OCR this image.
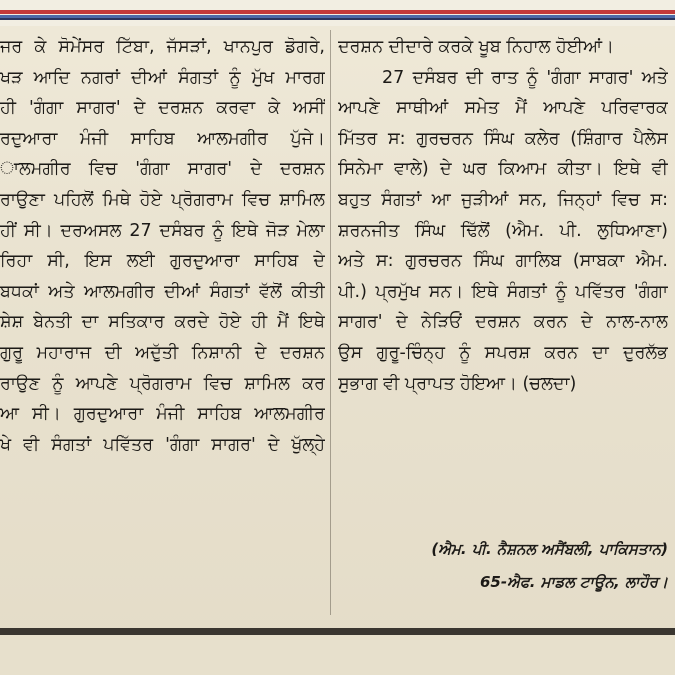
ਜਰ ਕੇ ਸੋਮੇਂਸਰ ਟਿੱਬਾ, ਜੱਸੜਾਂ, ਖਾਨਪੁਰ ਡੋਗਰੇ,
ਖੜ ਆਦਿ ਨਗਰਾਂ ਦੀਆਂ ਸੰਗਤਾਂ ਨੂੰ ਮੁੱਖ ਮਾਰਗ
ਹੀ 'ਗੰਗਾ ਸਾਗਰ' ਦੇ ਦਰਸ਼ਨ ਕਰਵਾ ਕੇ ਅਸੀਂ
ਰਦੁਆਰਾ ਮੰਜੀ ਸਾਹਿਬ ਆਲਮਗੀਰ ਪੁੱਜੇ।
ਾਲਮਗੀਰ ਵਿਚ 'ਗੰਗਾ ਸਾਗਰ' ਦੇ ਦਰਸ਼ਨ
ਰਾਉਣਾ ਪਹਿਲੋਂ ਮਿਥੇ ਹੋਏ ਪ੍ਰੋਗਰਾਮ ਵਿਚ ਸ਼ਾਮਿਲ
ਹੀਂ ਸੀ। ਦਰਅਸਲ 27 ਦਸੰਬਰ ਨੂੰ ਇਥੇ ਜੋੜ ਮੇਲਾ
ਰਿਹਾ ਸੀ, ਇਸ ਲਈ ਗੁਰਦੁਆਰਾ ਸਾਹਿਬ ਦੇ
ਬਧਕਾਂ ਅਤੇ ਆਲਮਗੀਰ ਦੀਆਂ ਸੰਗਤਾਂ ਵੱਲੋਂ ਕੀਤੀ
ਸ਼ੇਸ਼ ਬੇਨਤੀ ਦਾ ਸਤਿਕਾਰ ਕਰਦੇ ਹੋਏ ਹੀ ਮੈਂ ਇਥੇ
ਗੁਰੂ ਮਹਾਰਾਜ ਦੀ ਅਦੁੱਤੀ ਨਿਸ਼ਾਨੀ ਦੇ ਦਰਸ਼ਨ
ਰਾਉਣ ਨੂੰ ਆਪਣੇ ਪ੍ਰੋਗਰਾਮ ਵਿਚ ਸ਼ਾਮਿਲ ਕਰ
ਆ ਸੀ। ਗੁਰਦੁਆਰਾ ਮੰਜੀ ਸਾਹਿਬ ਆਲਮਗੀਰ
ਖੇ ਵੀ ਸੰਗਤਾਂ ਪਵਿੱਤਰ 'ਗੰਗਾ ਸਾਗਰ' ਦੇ ਖੁੱਲ੍ਹੇ
ਦਰਸ਼ਨ ਦੀਦਾਰੇ ਕਰਕੇ ਖੂਬ ਨਿਹਾਲ ਹੋਈਆਂ।
27 ਦਸੰਬਰ ਦੀ ਰਾਤ ਨੂੰ 'ਗੰਗਾ ਸਾਗਰ' ਅਤੇ
ਆਪਣੇ ਸਾਥੀਆਂ ਸਮੇਤ ਮੈਂ ਆਪਣੇ ਪਰਿਵਾਰਕ
ਮਿੱਤਰ ਸ: ਗੁਰਚਰਨ ਸਿੰਘ ਕਲੇਰ (ਸ਼ਿੰਗਾਰ ਪੈਲੇਸ
ਸਿਨੇਮਾ ਵਾਲੇ) ਦੇ ਘਰ ਕਿਆਮ ਕੀਤਾ। ਇਥੇ ਵੀ
ਬਹੁਤ ਸੰਗਤਾਂ ਆ ਜੁੜੀਆਂ ਸਨ, ਜਿਨ੍ਹਾਂ ਵਿਚ ਸ:
ਸ਼ਰਨਜੀਤ ਸਿੰਘ ਢਿੱਲੋਂ (ਐਮ. ਪੀ. ਲੁਧਿਆਣਾ)
ਅਤੇ ਸ: ਗੁਰਚਰਨ ਸਿੰਘ ਗਾਲਿਬ (ਸਾਬਕਾ ਐਮ.
ਪੀ.) ਪ੍ਰਮੁੱਖ ਸਨ। ਇਥੇ ਸੰਗਤਾਂ ਨੂੰ ਪਵਿੱਤਰ 'ਗੰਗਾ
ਸਾਗਰ' ਦੇ ਨੇੜਿਓਂ ਦਰਸ਼ਨ ਕਰਨ ਦੇ ਨਾਲ-ਨਾਲ
ਉਸ ਗੁਰੂ-ਚਿੰਨ੍ਹ ਨੂੰ ਸਪਰਸ਼ ਕਰਨ ਦਾ ਦੁਰਲੱਭ
ਸੁਭਾਗ ਵੀ ਪ੍ਰਾਪਤ ਹੋਇਆ। (ਚਲਦਾ)
(ਐਮ. ਪੀ. ਨੈਸ਼ਨਲ ਅਸੈਂਬਲੀ, ਪਾਕਿਸਤਾਨ)
65-ਐਫ. ਮਾਡਲ ਟਾਊਨ, ਲਾਹੌਰ।
